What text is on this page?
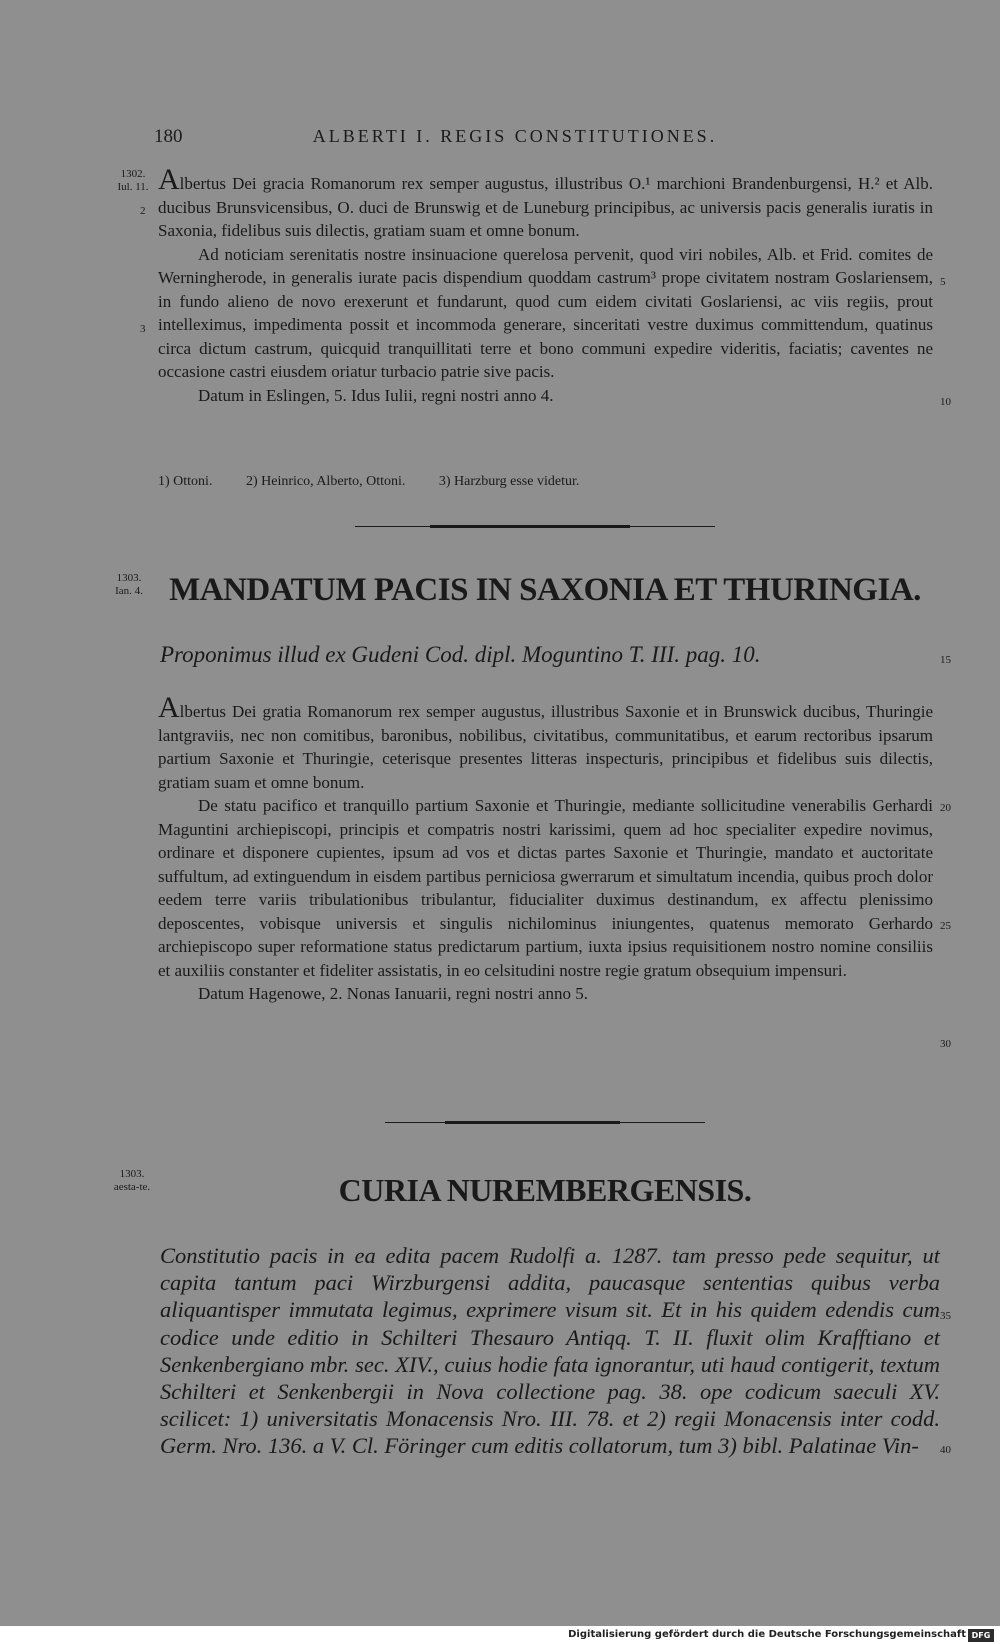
180	ALBERTI I. REGIS CONSTITUTIONES.
1302.
Iul. 11.
2
3
5
10

Albertus Dei gracia Romanorum rex semper augustus, illustribus O.¹ marchioni Brandenburgensi, H.² et Alb. ducibus Brunsvicensibus, O. duci de Brunswig et de Luneburg principibus, ac universis pacis generalis iuratis in Saxonia, fidelibus suis dilectis, gratiam suam et omne bonum.

Ad noticiam serenitatis nostre insinuacione querelosa pervenit, quod viri nobiles, Alb. et Frid. comites de Werningherode, in generalis iurate pacis dispendium quoddam castrum³ prope civitatem nostram Goslariensem, in fundo alieno de novo erexerunt et fundarunt, quod cum eidem civitati Goslariensi, ac viis regiis, prout intelleximus, impedimenta possit et incommoda generare, sinceritati vestre duximus committendum, quatinus circa dictum castrum, quicquid tranquillitati terre et bono communi expedire videritis, faciatis; caventes ne occasione castri eiusdem oriatur turbacio patrie sive pacis.

Datum in Eslingen, 5. Idus Iulii, regni nostri anno 4.

1) Ottoni. 2) Heinrico, Alberto, Ottoni. 3) Harzburg esse videtur.
1303.
Ian. 4. MANDATUM PACIS IN SAXONIA ET THURINGIA.
Proponimus illud ex Gudeni Cod. dipl. Moguntino T. III. pag. 10.	15

Albertus Dei gratia Romanorum rex semper augustus, illustribus Saxonie et in Brunswick ducibus, Thuringie lantgraviis, nec non comitibus, baronibus, nobilibus, civitatibus, communitatibus, et earum rectoribus ipsarum partium Saxonie et Thuringie, ceterisque presentes litteras inspecturis, principibus et fidelibus suis dilectis, gratiam suam et omne bonum.

De statu pacifico et tranquillo partium Saxonie et Thuringie, mediante sollicitudine venerabilis Gerhardi Maguntini archiepiscopi, principis et compatris nostri karissimi, quem ad hoc specialiter expedire novimus, ordinare et disponere cupientes, ipsum ad vos et dictas partes Saxonie et Thuringie, mandato et auctoritate suffultum, ad extinguendum in eisdem partibus perniciosa gwerrarum et simultatum incendia, quibus proch dolor eedem terre variis tribulationibus tribulantur, fiducialiter duximus destinandum, ex affectu plenissimo deposcentes, vobisque universis et singulis nichilominus iniungentes, quatenus memorato Gerhardo archiepiscopo super reformatione status predictarum partium, iuxta ipsius requisitionem nostro nomine consiliis et auxiliis constanter et fideliter assistatis, in eo celsitudini nostre regie gratum obsequium impensuri.

Datum Hagenowe, 2. Nonas Ianuarii, regni nostri anno 5.

20
25
30
1303.
aesta-te.	CURIA NUREMBERGENSIS.
Constitutio pacis in ea edita pacem Rudolfi a. 1287. tam presso pede sequitur, ut capita tantum paci Wirzburgensi addita, paucasque sententias quibus verba aliquantisper immutata legimus, exprimere visum sit. Et in his quidem edendis cum codice unde editio in Schilteri Thesauro Antiqq. T. II. fluxit olim Krafftiano et Senkenbergiano mbr. sec. XIV., cuius hodie fata ignorantur, uti haud contigerit, textum Schilteri et Senkenbergii in Nova collectione pag. 38. ope codicum saeculi XV. scilicet: 1) universitatis Monacensis Nro. III. 78. et 2) regii Monacensis inter codd. Germ. Nro. 136. a V. Cl. Föringer cum editis collatorum, tum 3) bibl. Palatinae Vin-
35
40
Digitalisierung gefördert durch die Deutsche Forschungsgemeinschaft DFG
